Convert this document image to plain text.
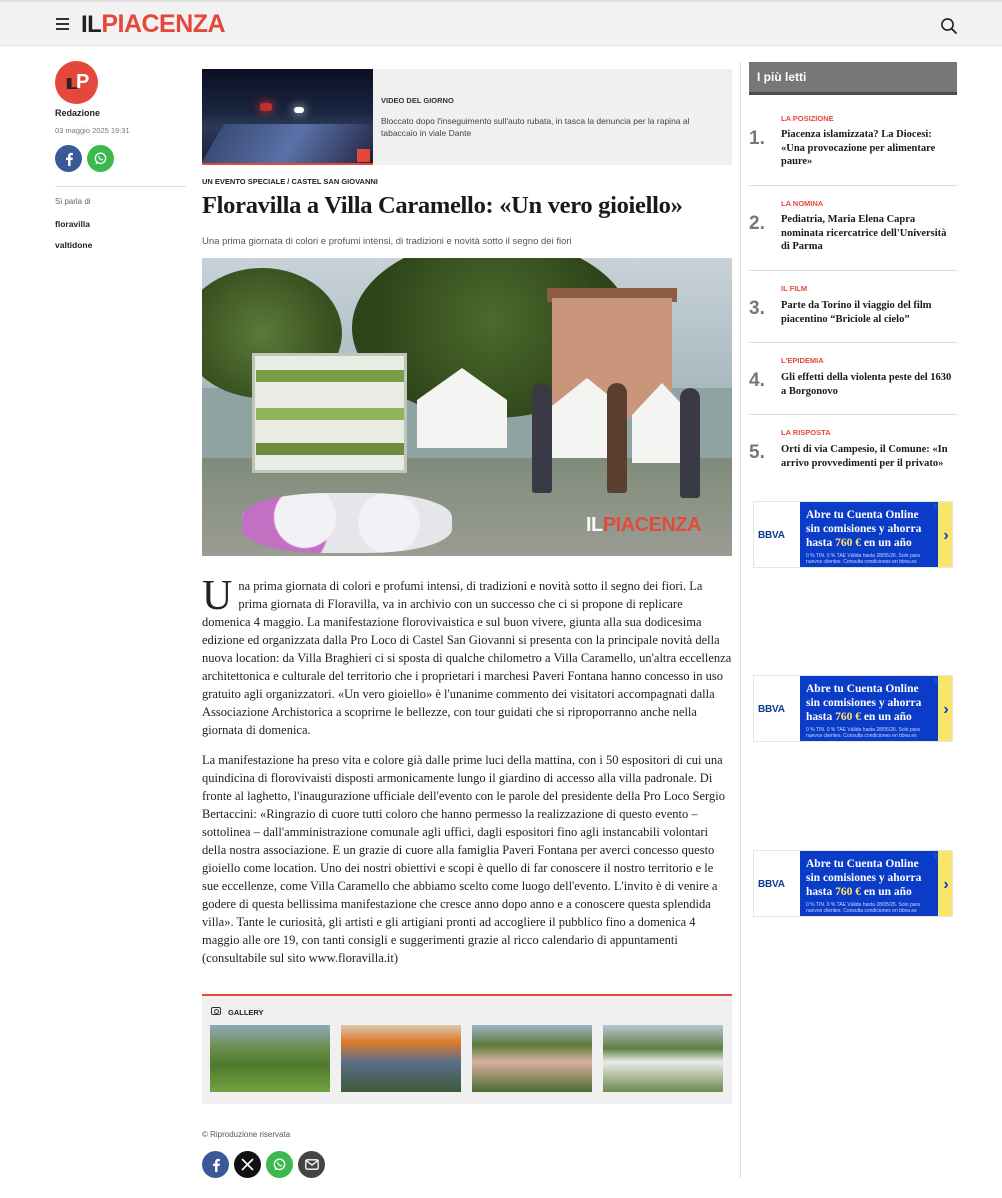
IL PIACENZA
IL P
Redazione
03 maggio 2025 19:31
Si parla di
floravilla
valtidone
VIDEO DEL GIORNO
Bloccato dopo l'inseguimento sull'auto rubata, in tasca la denuncia per la rapina al tabaccaio in viale Dante
UN EVENTO SPECIALE / CASTEL SAN GIOVANNI
Floravilla a Villa Caramello: «Un vero gioiello»
Una prima giornata di colori e profumi intensi, di tradizioni e novità sotto il segno dei fiori
ILPIACENZA
Una prima giornata di colori e profumi intensi, di tradizioni e novità sotto il segno dei fiori. La prima giornata di Floravilla, va in archivio con un successo che ci si propone di replicare domenica 4 maggio. La manifestazione florovivaistica e sul buon vivere, giunta alla sua dodicesima edizione ed organizzata dalla Pro Loco di Castel San Giovanni si presenta con la principale novità della nuova location: da Villa Braghieri ci si sposta di qualche chilometro a Villa Caramello, un'altra eccellenza architettonica e culturale del territorio che i proprietari i marchesi Paveri Fontana hanno concesso in uso gratuito agli organizzatori. «Un vero gioiello» è l'unanime commento dei visitatori accompagnati dalla Associazione Archistorica a scoprirne le bellezze, con tour guidati che si riproporranno anche nella giornata di domenica.
La manifestazione ha preso vita e colore già dalle prime luci della mattina, con i 50 espositori di cui una quindicina di florovivaisti disposti armonicamente lungo il giardino di accesso alla villa padronale. Di fronte al laghetto, l'inaugurazione ufficiale dell'evento con le parole del presidente della Pro Loco Sergio Bertaccini: «Ringrazio di cuore tutti coloro che hanno permesso la realizzazione di questo evento – sottolinea – dall'amministrazione comunale agli uffici, dagli espositori fino agli instancabili volontari della nostra associazione. E un grazie di cuore alla famiglia Paveri Fontana per averci concesso questo gioiello come location. Uno dei nostri obiettivi e scopi è quello di far conoscere il nostro territorio e le sue eccellenze, come Villa Caramello che abbiamo scelto come luogo dell'evento. L'invito è di venire a godere di questa bellissima manifestazione che cresce anno dopo anno e a conoscere questa splendida villa». Tante le curiosità, gli artisti e gli artigiani pronti ad accogliere il pubblico fino a domenica 4 maggio alle ore 19, con tanti consigli e suggerimenti grazie al ricco calendario di appuntamenti (consultabile sul sito www.floravilla.it)
GALLERY
© Riproduzione riservata
I più letti
1.
LA POSIZIONE
Piacenza islamizzata? La Diocesi: «Una provocazione per alimentare paure»
2.
LA NOMINA
Pediatria, Maria Elena Capra nominata ricercatrice dell'Università di Parma
3.
IL FILM
Parte da Torino il viaggio del film piacentino “Briciole al cielo”
4.
L'EPIDEMIA
Gli effetti della violenta peste del 1630 a Borgonovo
5.
LA RISPOSTA
Orti di via Campesio, il Comune: «In arrivo provvedimenti per il privato»
BBVA
Abre tu Cuenta Online
sin comisiones y ahorra
hasta 760 € en un año
0 % TIN. 0 % TAE Válida hasta 28/05/26. Solo para nuevos clientes. Consulta condiciones en bbva.es
›
▷
BBVA
Abre tu Cuenta Online
sin comisiones y ahorra
hasta 760 € en un año
0 % TIN. 0 % TAE Válida hasta 28/05/26. Solo para nuevos clientes. Consulta condiciones en bbva.es
›
▷
BBVA
Abre tu Cuenta Online
sin comisiones y ahorra
hasta 760 € en un año
0 % TIN. 0 % TAE Válida hasta 28/05/26. Solo para nuevos clientes. Consulta condiciones en bbva.es
›
▷
